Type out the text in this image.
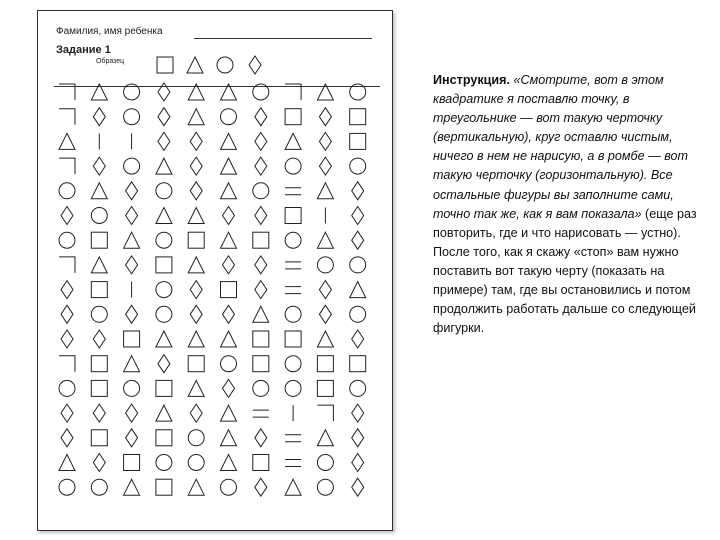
Фамилия, имя ребенка
Задание 1
Образец
Инструкция. «Смотрите, вот в этом квадратике я поставлю точку, в треугольнике — вот такую черточку (вертикальную), круг оставлю чистым, ничего в нем не нарисую, а в ромбе — вот такую черточку (горизонтальную). Все остальные фигуры вы заполните сами, точно так же, как я вам показала» (еще раз повторить, где и что нарисовать — устно). После того, как я скажу «стоп» вам нужно поставить вот такую черту (показать на примере) там, где вы остановились и потом продолжить работать дальше со следующей фигурки.
